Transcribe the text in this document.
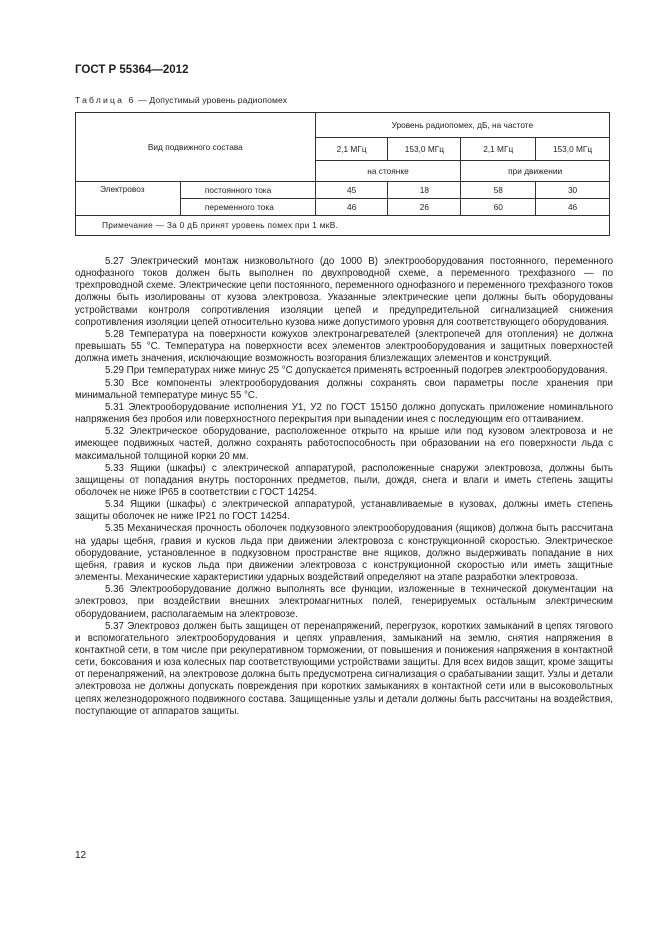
ГОСТ Р 55364—2012
Таблица 6 — Допустимый уровень радиопомех
Вид подвижного состава		Уровень радиопомех, дБ, на частоте			
		2,1 МГц	153,0 МГц	2,1 МГц	153,0 МГц
		на стоянке		при движении	
Электровоз	постоянного тока	45	18	58	30
	переменного тока	46	26	60	46
Примечание — За 0 дБ принят уровень помех при 1 мкВ.					

5.27 Электрический монтаж низковольтного (до 1000 В) электрооборудования постоянного, переменного однофазного токов должен быть выполнен по двухпроводной схеме, а переменного трехфазного — по трехпроводной схеме. Электрические цепи постоянного, переменного однофазного и переменного трехфазного токов должны быть изолированы от кузова электровоза. Указанные электрические цепи должны быть оборудованы устройствами контроля сопротивления изоляции цепей и предупредительной сигнализацией снижения сопротивления изоляции цепей относительно кузова ниже допустимого уровня для соответствующего оборудования.

5.28 Температура на поверхности кожухов электронагревателей (электропечей для отопления) не должна превышать 55 °С. Температура на поверхности всех элементов электрооборудования и защитных поверхностей должна иметь значения, исключающие возможность возгорания близлежащих элементов и конструкций.

5.29 При температурах ниже минус 25 °С допускается применять встроенный подогрев электрооборудования.

5.30 Все компоненты электрооборудования должны сохранять свои параметры после хранения при минимальной температуре минус 55 °С.

5.31 Электрооборудование исполнения У1, У2 по ГОСТ 15150 должно допускать приложение номинального напряжения без пробоя или поверхностного перекрытия при выпадении инея с последующим его оттаиванием.

5.32 Электрическое оборудование, расположенное открыто на крыше или под кузовом электровоза и не имеющее подвижных частей, должно сохранять работоспособность при образовании на его поверхности льда с максимальной толщиной корки 20 мм.

5.33 Ящики (шкафы) с электрической аппаратурой, расположенные снаружи электровоза, должны быть защищены от попадания внутрь посторонних предметов, пыли, дождя, снега и влаги и иметь степень защиты оболочек не ниже IP65 в соответствии с ГОСТ 14254.

5.34 Ящики (шкафы) с электрической аппаратурой, устанавливаемые в кузовах, должны иметь степень защиты оболочек не ниже IP21 по ГОСТ 14254.

5.35 Механическая прочность оболочек подкузовного электрооборудования (ящиков) должна быть рассчитана на удары щебня, гравия и кусков льда при движении электровоза с конструкционной скоростью. Электрическое оборудование, установленное в подкузовном пространстве вне ящиков, должно выдерживать попадание в них щебня, гравия и кусков льда при движении электровоза с конструкционной скоростью или иметь защитные элементы. Механические характеристики ударных воздействий определяют на этапе разработки электровоза.

5.36 Электрооборудование должно выполнять все функции, изложенные в технической документации на электровоз, при воздействии внешних электромагнитных полей, генерируемых остальным электрическим оборудованием, располагаемым на электровозе.

5.37 Электровоз должен быть защищен от перенапряжений, перегрузок, коротких замыканий в цепях тягового и вспомогательного электрооборудования и цепях управления, замыканий на землю, снятия напряжения в контактной сети, в том числе при рекуперативном торможении, от повышения и понижения напряжения в контактной сети, боксования и юза колесных пар соответствующими устройствами защиты. Для всех видов защит, кроме защиты от перенапряжений, на электровозе должна быть предусмотрена сигнализация о срабатывании защит. Узлы и детали электровоза не должны допускать повреждения при коротких замыканиях в контактной сети или в высоковольтных цепях железнодорожного подвижного состава. Защищенные узлы и детали должны быть рассчитаны на воздействия, поступающие от аппаратов защиты.

12
